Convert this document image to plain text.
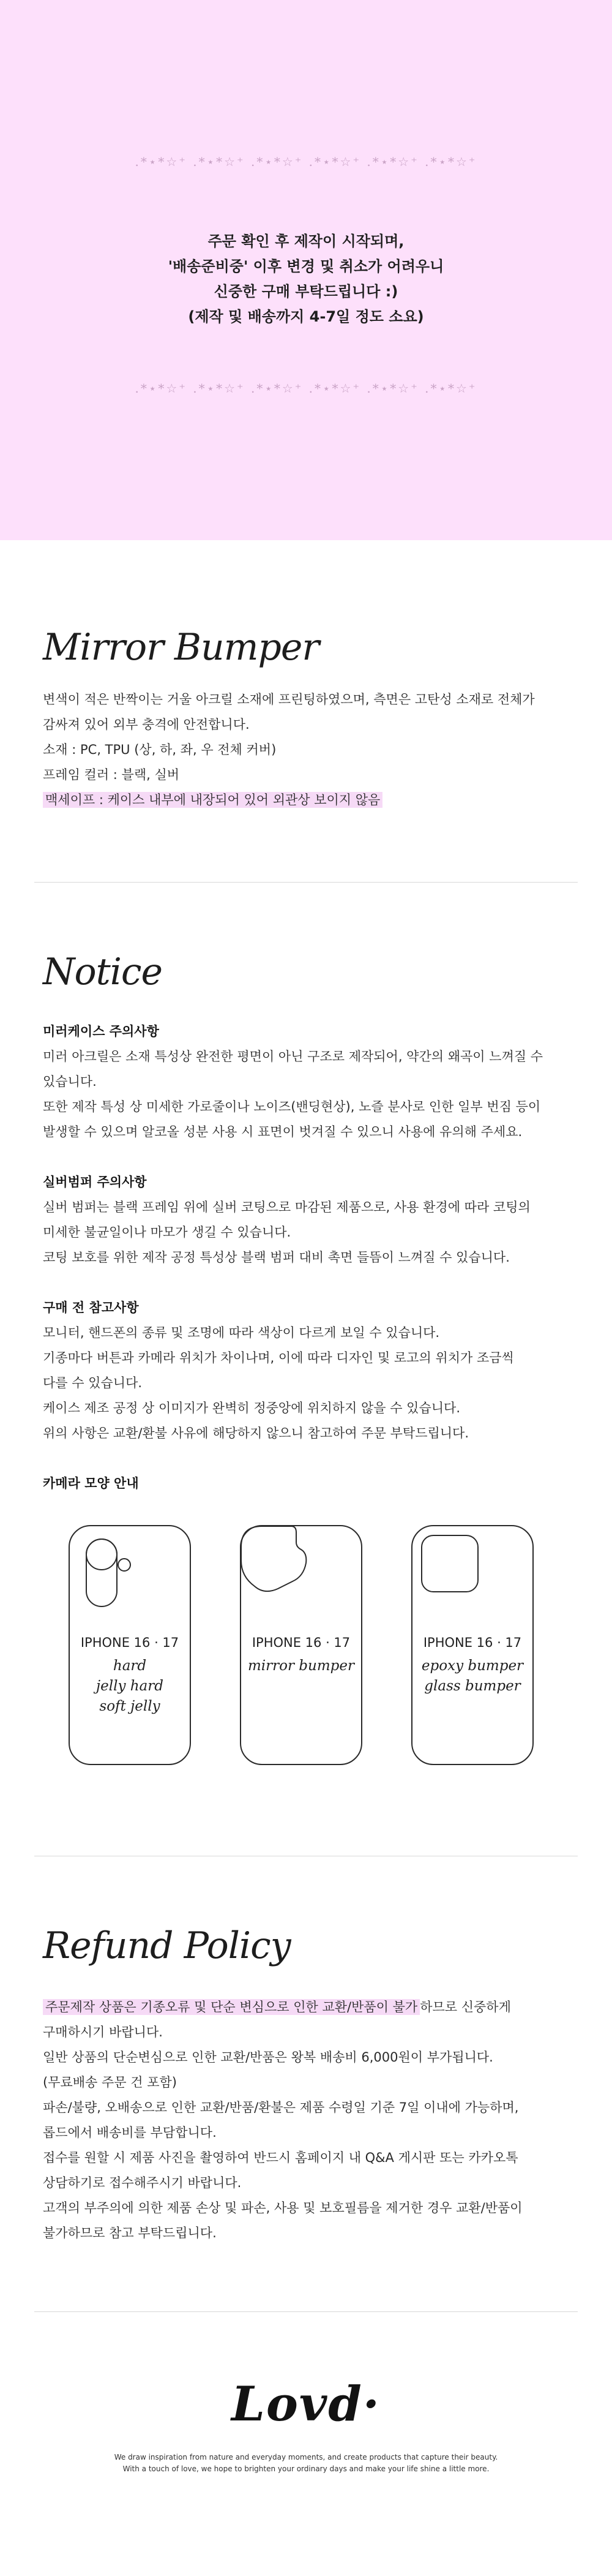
.*⋆*☆⁺ .*⋆*☆⁺ .*⋆*☆⁺ .*⋆*☆⁺ .*⋆*☆⁺ .*⋆*☆⁺

주문 확인 후 제작이 시작되며,

'배송준비중' 이후 변경 및 취소가 어려우니

신중한 구매 부탁드립니다 :)

(제작 및 배송까지 4-7일 정도 소요)

.*⋆*☆⁺ .*⋆*☆⁺ .*⋆*☆⁺ .*⋆*☆⁺ .*⋆*☆⁺ .*⋆*☆⁺
Mirror Bumper

변색이 적은 반짝이는 거울 아크릴 소재에 프린팅하였으며, 측면은 고탄성 소재로 전체가

감싸져 있어 외부 충격에 안전합니다.

소재 : PC, TPU (상, 하, 좌, 우 전체 커버)

프레임 컬러 : 블랙, 실버

맥세이프 : 케이스 내부에 내장되어 있어 외관상 보이지 않음

Notice

미러케이스 주의사항

미러 아크릴은 소재 특성상 완전한 평면이 아닌 구조로 제작되어, 약간의 왜곡이 느껴질 수

있습니다.

또한 제작 특성 상 미세한 가로줄이나 노이즈(밴딩현상), 노즐 분사로 인한 일부 번짐 등이

발생할 수 있으며 알코올 성분 사용 시 표면이 벗겨질 수 있으니 사용에 유의해 주세요.

실버범퍼 주의사항

실버 범퍼는 블랙 프레임 위에 실버 코팅으로 마감된 제품으로, 사용 환경에 따라 코팅의

미세한 불균일이나 마모가 생길 수 있습니다.

코팅 보호를 위한 제작 공정 특성상 블랙 범퍼 대비 촉면 들뜸이 느껴질 수 있습니다.

구매 전 참고사항

모니터, 핸드폰의 종류 및 조명에 따라 색상이 다르게 보일 수 있습니다.

기종마다 버튼과 카메라 위치가 차이나며, 이에 따라 디자인 및 로고의 위치가 조금씩

다를 수 있습니다.

케이스 제조 공정 상 이미지가 완벽히 정중앙에 위치하지 않을 수 있습니다.

위의 사항은 교환/환불 사유에 해당하지 않으니 참고하여 주문 부탁드립니다.

카메라 모양 안내

IPHONE 16 · 17
hard
jelly hard
soft jelly
IPHONE 16 · 17
mirror bumper
IPHONE 16 · 17
epoxy bumper
glass bumper
Refund Policy

주문제작 상품은 기종오류 및 단순 변심으로 인한 교환/반품이 불가 하므로 신중하게

구매하시기 바랍니다.

일반 상품의 단순변심으로 인한 교환/반품은 왕복 배송비 6,000원이 부가됩니다.

(무료배송 주문 건 포함)

파손/불량, 오배송으로 인한 교환/반품/환불은 제품 수령일 기준 7일 이내에 가능하며,

롭드에서 배송비를 부담합니다.

접수를 원할 시 제품 사진을 촬영하여 반드시 홈페이지 내 Q&A 게시판 또는 카카오톡

상담하기로 접수해주시기 바랍니다.

고객의 부주의에 의한 제품 손상 및 파손, 사용 및 보호필름을 제거한 경우 교환/반품이

불가하므로 참고 부탁드립니다.

Lovd·

We draw inspiration from nature and everyday moments, and create products that capture their beauty.

With a touch of love, we hope to brighten your ordinary days and make your life shine a little more.
